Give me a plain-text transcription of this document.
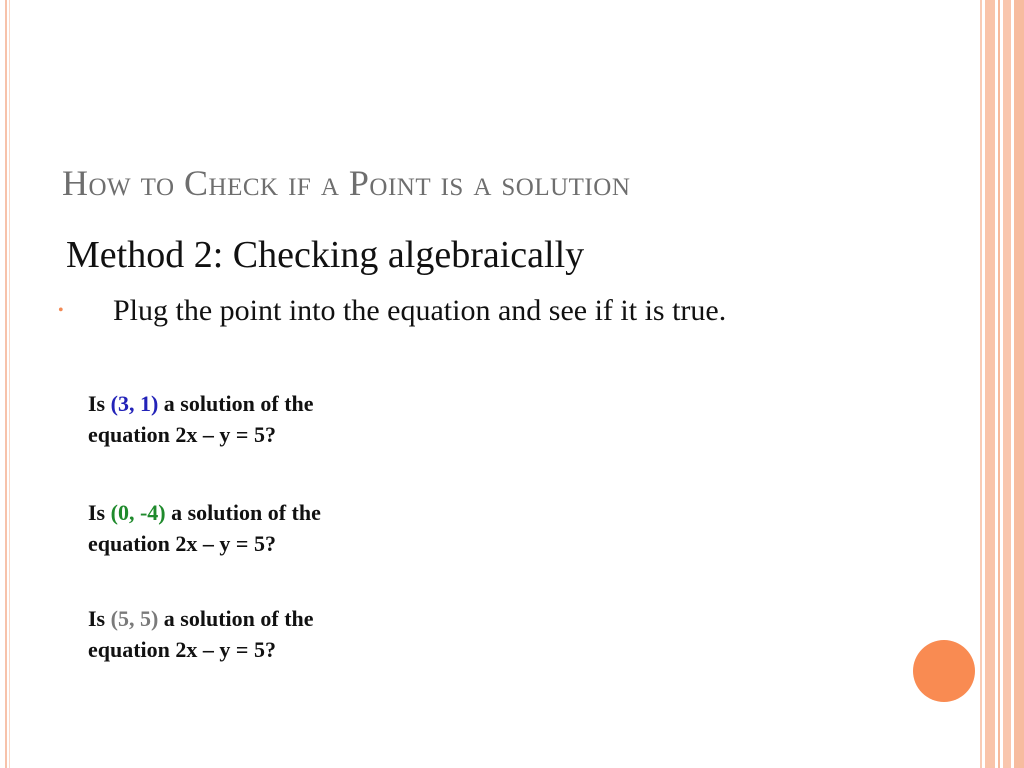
How to Check if a Point is a solution
Method 2: Checking algebraically
• Plug the point into the equation and see if it is true.
Is (3, 1) a solution of the
equation 2x – y = 5?
Is (0, -4) a solution of the
equation 2x – y = 5?
Is (5, 5) a solution of the
equation 2x – y = 5?
